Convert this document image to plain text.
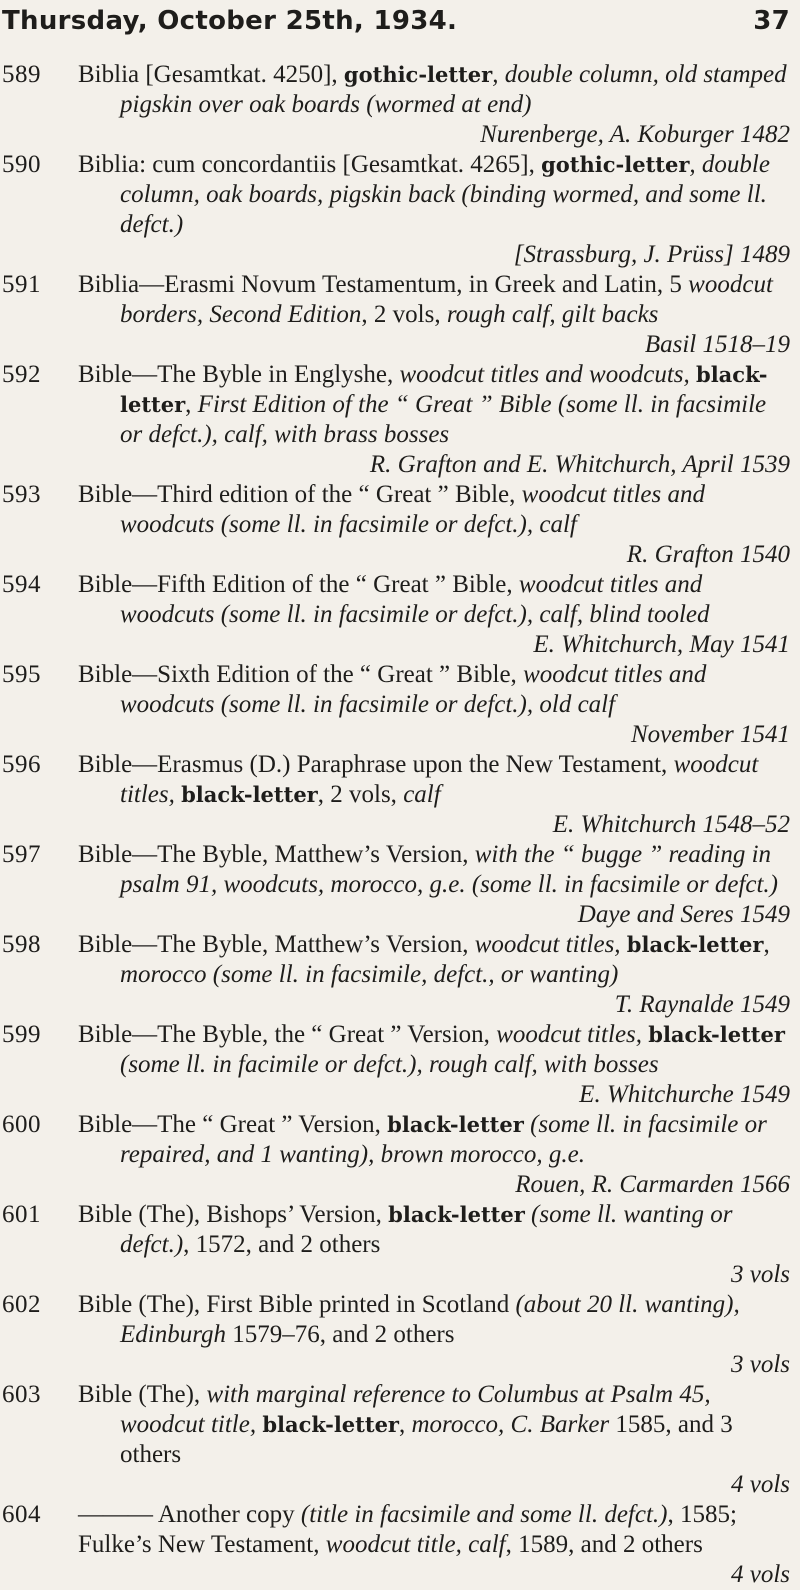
Thursday, October 25th, 1934.	37
589 Biblia [Gesamtkat. 4250], gothic-letter, double column, old stamped pigskin over oak boards (wormed at end)
Nurenberge, A. Koburger 1482
590 Biblia: cum concordantiis [Gesamtkat. 4265], gothic-letter, double column, oak boards, pigskin back (binding wormed, and some ll. defct.)
[Strassburg, J. Prüss] 1489
591 Biblia—Erasmi Novum Testamentum, in Greek and Latin, 5 woodcut borders, Second Edition, 2 vols, rough calf, gilt backs
Basil 1518–19
592 Bible—The Byble in Englyshe, woodcut titles and woodcuts, black-letter, First Edition of the “ Great ” Bible (some ll. in facsimile or defct.), calf, with brass bosses
R. Grafton and E. Whitchurch, April 1539
593 Bible—Third edition of the “ Great ” Bible, woodcut titles and woodcuts (some ll. in facsimile or defct.), calf
R. Grafton 1540
594 Bible—Fifth Edition of the “ Great ” Bible, woodcut titles and woodcuts (some ll. in facsimile or defct.), calf, blind tooled
E. Whitchurch, May 1541
595 Bible—Sixth Edition of the “ Great ” Bible, woodcut titles and woodcuts (some ll. in facsimile or defct.), old calf
November 1541
596 Bible—Erasmus (D.) Paraphrase upon the New Testament, woodcut titles, black-letter, 2 vols, calf
E. Whitchurch 1548–52
597 Bible—The Byble, Matthew’s Version, with the “ bugge ” reading in psalm 91, woodcuts, morocco, g.e. (some ll. in facsimile or defct.)
Daye and Seres 1549
598 Bible—The Byble, Matthew’s Version, woodcut titles, black-letter, morocco (some ll. in facsimile, defct., or wanting)
T. Raynalde 1549
599 Bible—The Byble, the “ Great ” Version, woodcut titles, black-letter (some ll. in facimile or defct.), rough calf, with bosses
E. Whitchurche 1549
600 Bible—The “ Great ” Version, black-letter (some ll. in facsimile or repaired, and 1 wanting), brown morocco, g.e.
Rouen, R. Carmarden 1566
601 Bible (The), Bishops’ Version, black-letter (some ll. wanting or defct.), 1572, and 2 others
3 vols
602 Bible (The), First Bible printed in Scotland (about 20 ll. wanting), Edinburgh 1579–76, and 2 others
3 vols
603 Bible (The), with marginal reference to Columbus at Psalm 45, woodcut title, black-letter, morocco, C. Barker 1585, and 3 others
4 vols
604 ——— Another copy (title in facsimile and some ll. defct.), 1585; Fulke’s New Testament, woodcut title, calf, 1589, and 2 others
4 vols
